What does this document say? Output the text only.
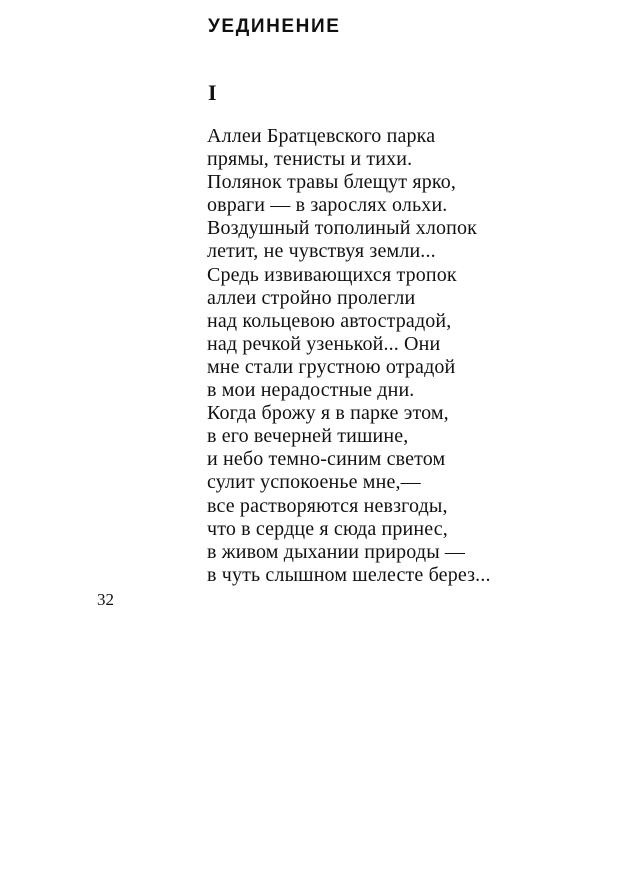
УЕДИНЕНИЕ
I
Аллеи Братцевского парка
прямы, тенисты и тихи.
Полянок травы блещут ярко,
овраги — в зарослях ольхи.
Воздушный тополиный хлопок
летит, не чувствуя земли...
Средь извивающихся тропок
аллеи стройно пролегли
над кольцевою автострадой,
над речкой узенькой... Они
мне стали грустною отрадой
в мои нерадостные дни.
Когда брожу я в парке этом,
в его вечерней тишине,
и небо темно-синим светом
сулит успокоенье мне,—
все растворяются невзгоды,
что в сердце я сюда принес,
в живом дыхании природы —
в чуть слышном шелесте берез...
32
